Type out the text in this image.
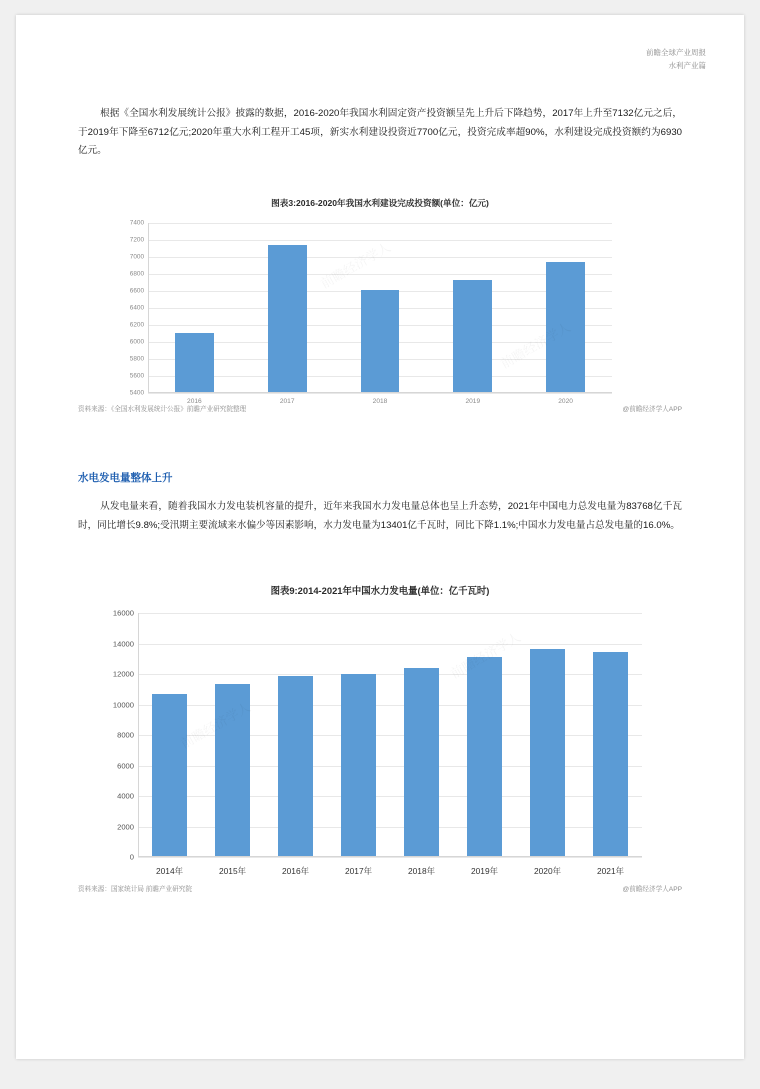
前瞻全球产业周报
水利产业篇
根据《全国水利发展统计公报》披露的数据，2016-2020年我国水利固定资产投资额呈先上升后下降趋势，2017年上升至7132亿元之后，于2019年下降至6712亿元;2020年重大水利工程开工45项，新实水利建设投资近7700亿元，投资完成率超90%，水利建设完成投资额约为6930亿元。
图表3:2016-2020年我国水利建设完成投资额(单位：亿元)
5400
5600
5800
6000
6200
6400
6600
6800
7000
7200
7400
2016	2017	2018	2019	2020
资料来源：《全国水利发展统计公报》前瞻产业研究院整理	@前瞻经济学人APP
水电发电量整体上升
从发电量来看，随着我国水力发电装机容量的提升，近年来我国水力发电量总体也呈上升态势，2021年中国电力总发电量为83768亿千瓦时，同比增长9.8%;受汛期主要流域来水偏少等因素影响，水力发电量为13401亿千瓦时，同比下降1.1%;中国水力发电量占总发电量的16.0%。
图表9:2014-2021年中国水力发电量(单位：亿千瓦时)
0
2000
4000
6000
8000
10000
12000
14000
16000
2014年	2015年	2016年	2017年	2018年	2019年	2020年	2021年
资料来源：国家统计局 前瞻产业研究院	@前瞻经济学人APP
